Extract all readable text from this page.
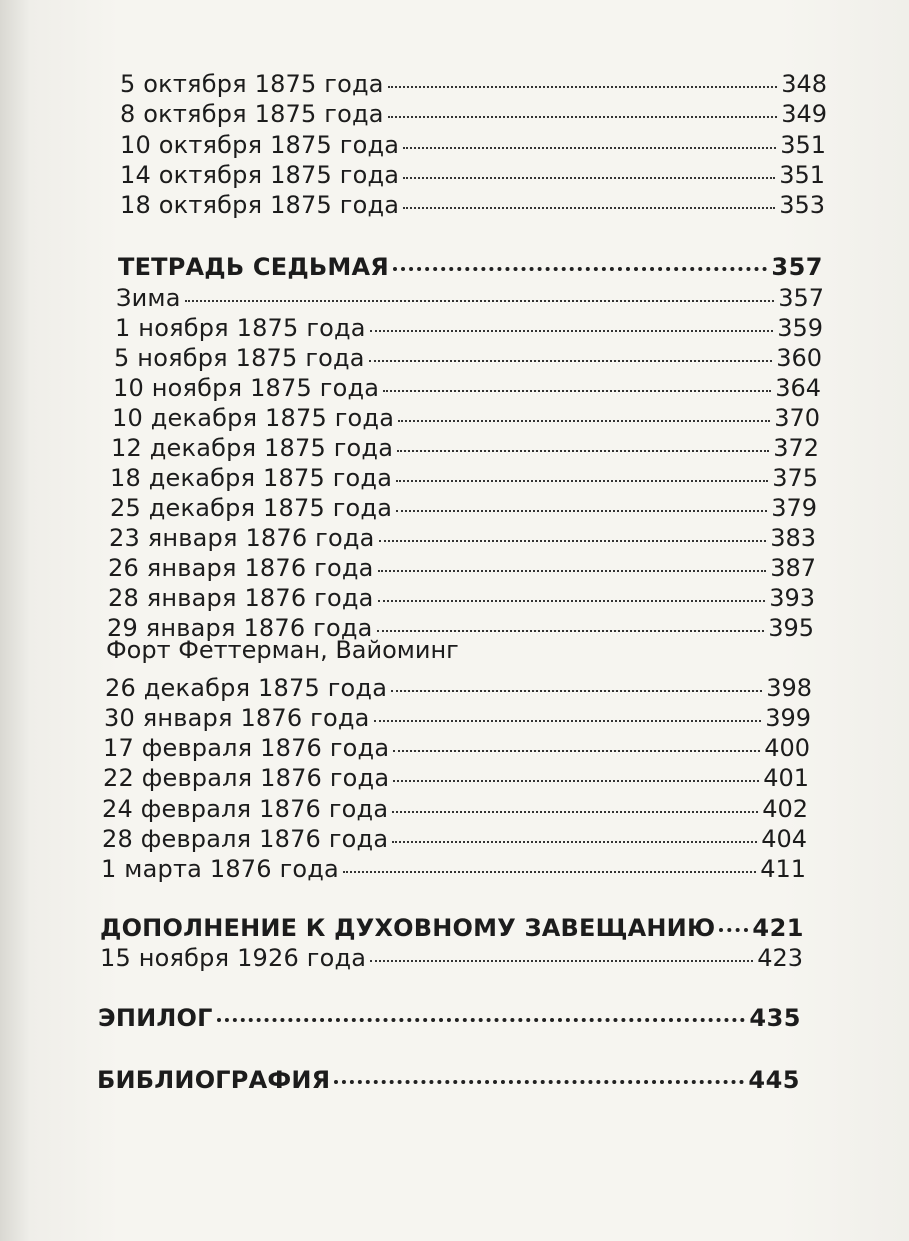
5 октября 1875 года	348
8 октября 1875 года	349
10 октября 1875 года	351
14 октября 1875 года	351
18 октября 1875 года	353
ТЕТРАДЬ СЕДЬМАЯ	357
Зима	357
1 ноября 1875 года	359
5 ноября 1875 года	360
10 ноября 1875 года	364
10 декабря 1875 года	370
12 декабря 1875 года	372
18 декабря 1875 года	375
25 декабря 1875 года	379
23 января 1876 года	383
26 января 1876 года	387
28 января 1876 года	393
29 января 1876 года	395
Форт Феттерман, Вайоминг
26 декабря 1875 года	398
30 января 1876 года	399
17 февраля 1876 года	400
22 февраля 1876 года	401
24 февраля 1876 года	402
28 февраля 1876 года	404
1 марта 1876 года	411
ДОПОЛНЕНИЕ К ДУХОВНОМУ ЗАВЕЩАНИЮ 421
15 ноября 1926 года	423
ЭПИЛОГ	435
БИБЛИОГРАФИЯ	445
